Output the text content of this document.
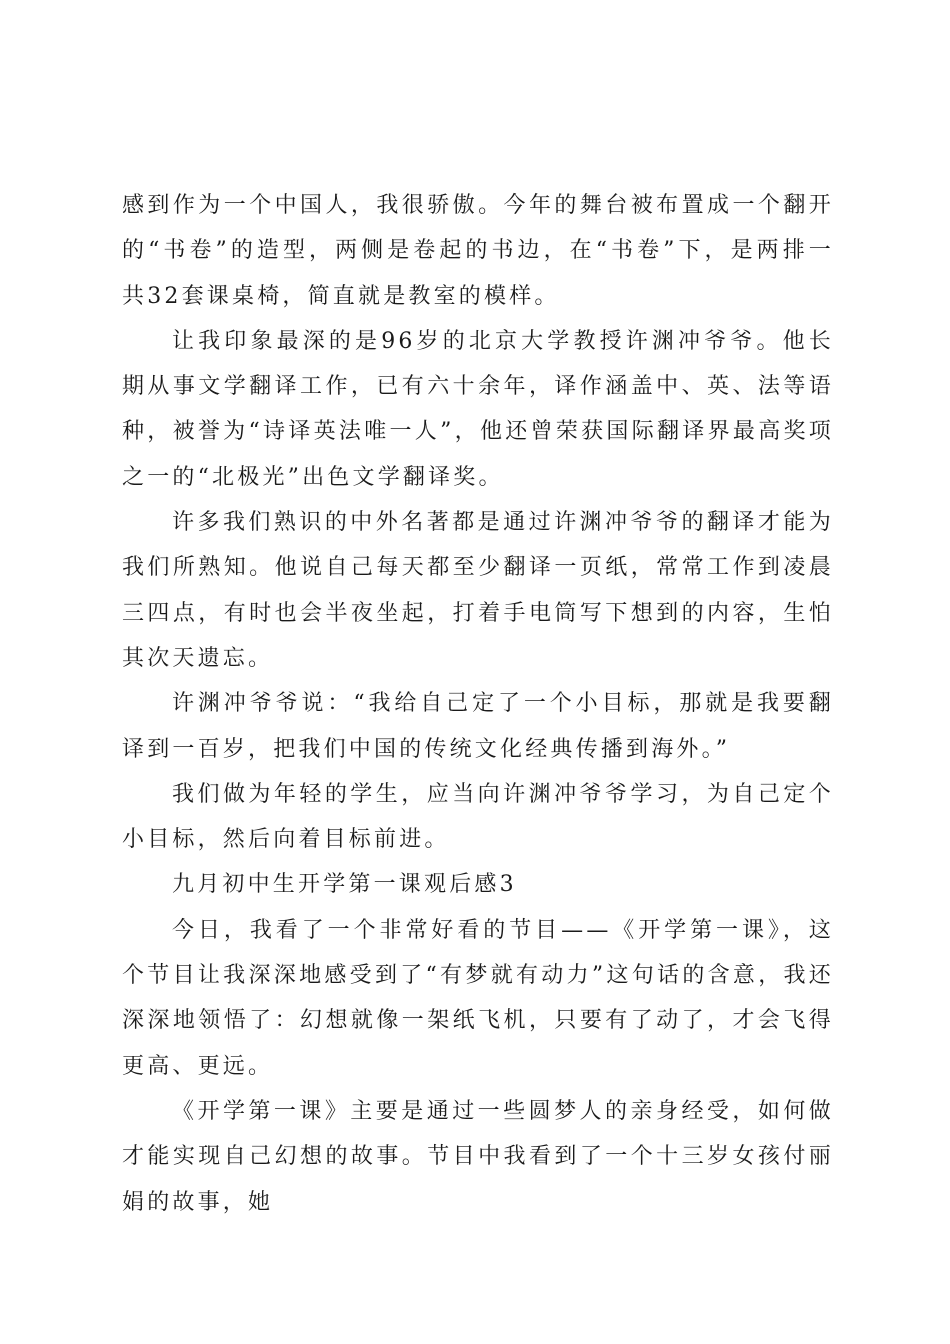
感到作为一个中国人，我很骄傲。今年的舞台被布置成一个翻开的“书卷”的造型，两侧是卷起的书边，在“书卷”下，是两排一共32套课桌椅，简直就是教室的模样。

让我印象最深的是96岁的北京大学教授许渊冲爷爷。他长期从事文学翻译工作，已有六十余年，译作涵盖中、英、法等语种，被誉为“诗译英法唯一人”，他还曾荣获国际翻译界最高奖项之一的“北极光”出色文学翻译奖。

许多我们熟识的中外名著都是通过许渊冲爷爷的翻译才能为我们所熟知。他说自己每天都至少翻译一页纸，常常工作到凌晨三四点，有时也会半夜坐起，打着手电筒写下想到的内容，生怕其次天遗忘。

许渊冲爷爷说：“我给自己定了一个小目标，那就是我要翻译到一百岁，把我们中国的传统文化经典传播到海外。”

我们做为年轻的学生，应当向许渊冲爷爷学习，为自己定个小目标，然后向着目标前进。

九月初中生开学第一课观后感3

今日，我看了一个非常好看的节目——《开学第一课》，这个节目让我深深地感受到了“有梦就有动力”这句话的含意，我还深深地领悟了：幻想就像一架纸飞机，只要有了动了，才会飞得更高、更远。

《开学第一课》主要是通过一些圆梦人的亲身经受，如何做才能实现自己幻想的故事。节目中我看到了一个十三岁女孩付丽娟的故事，她
